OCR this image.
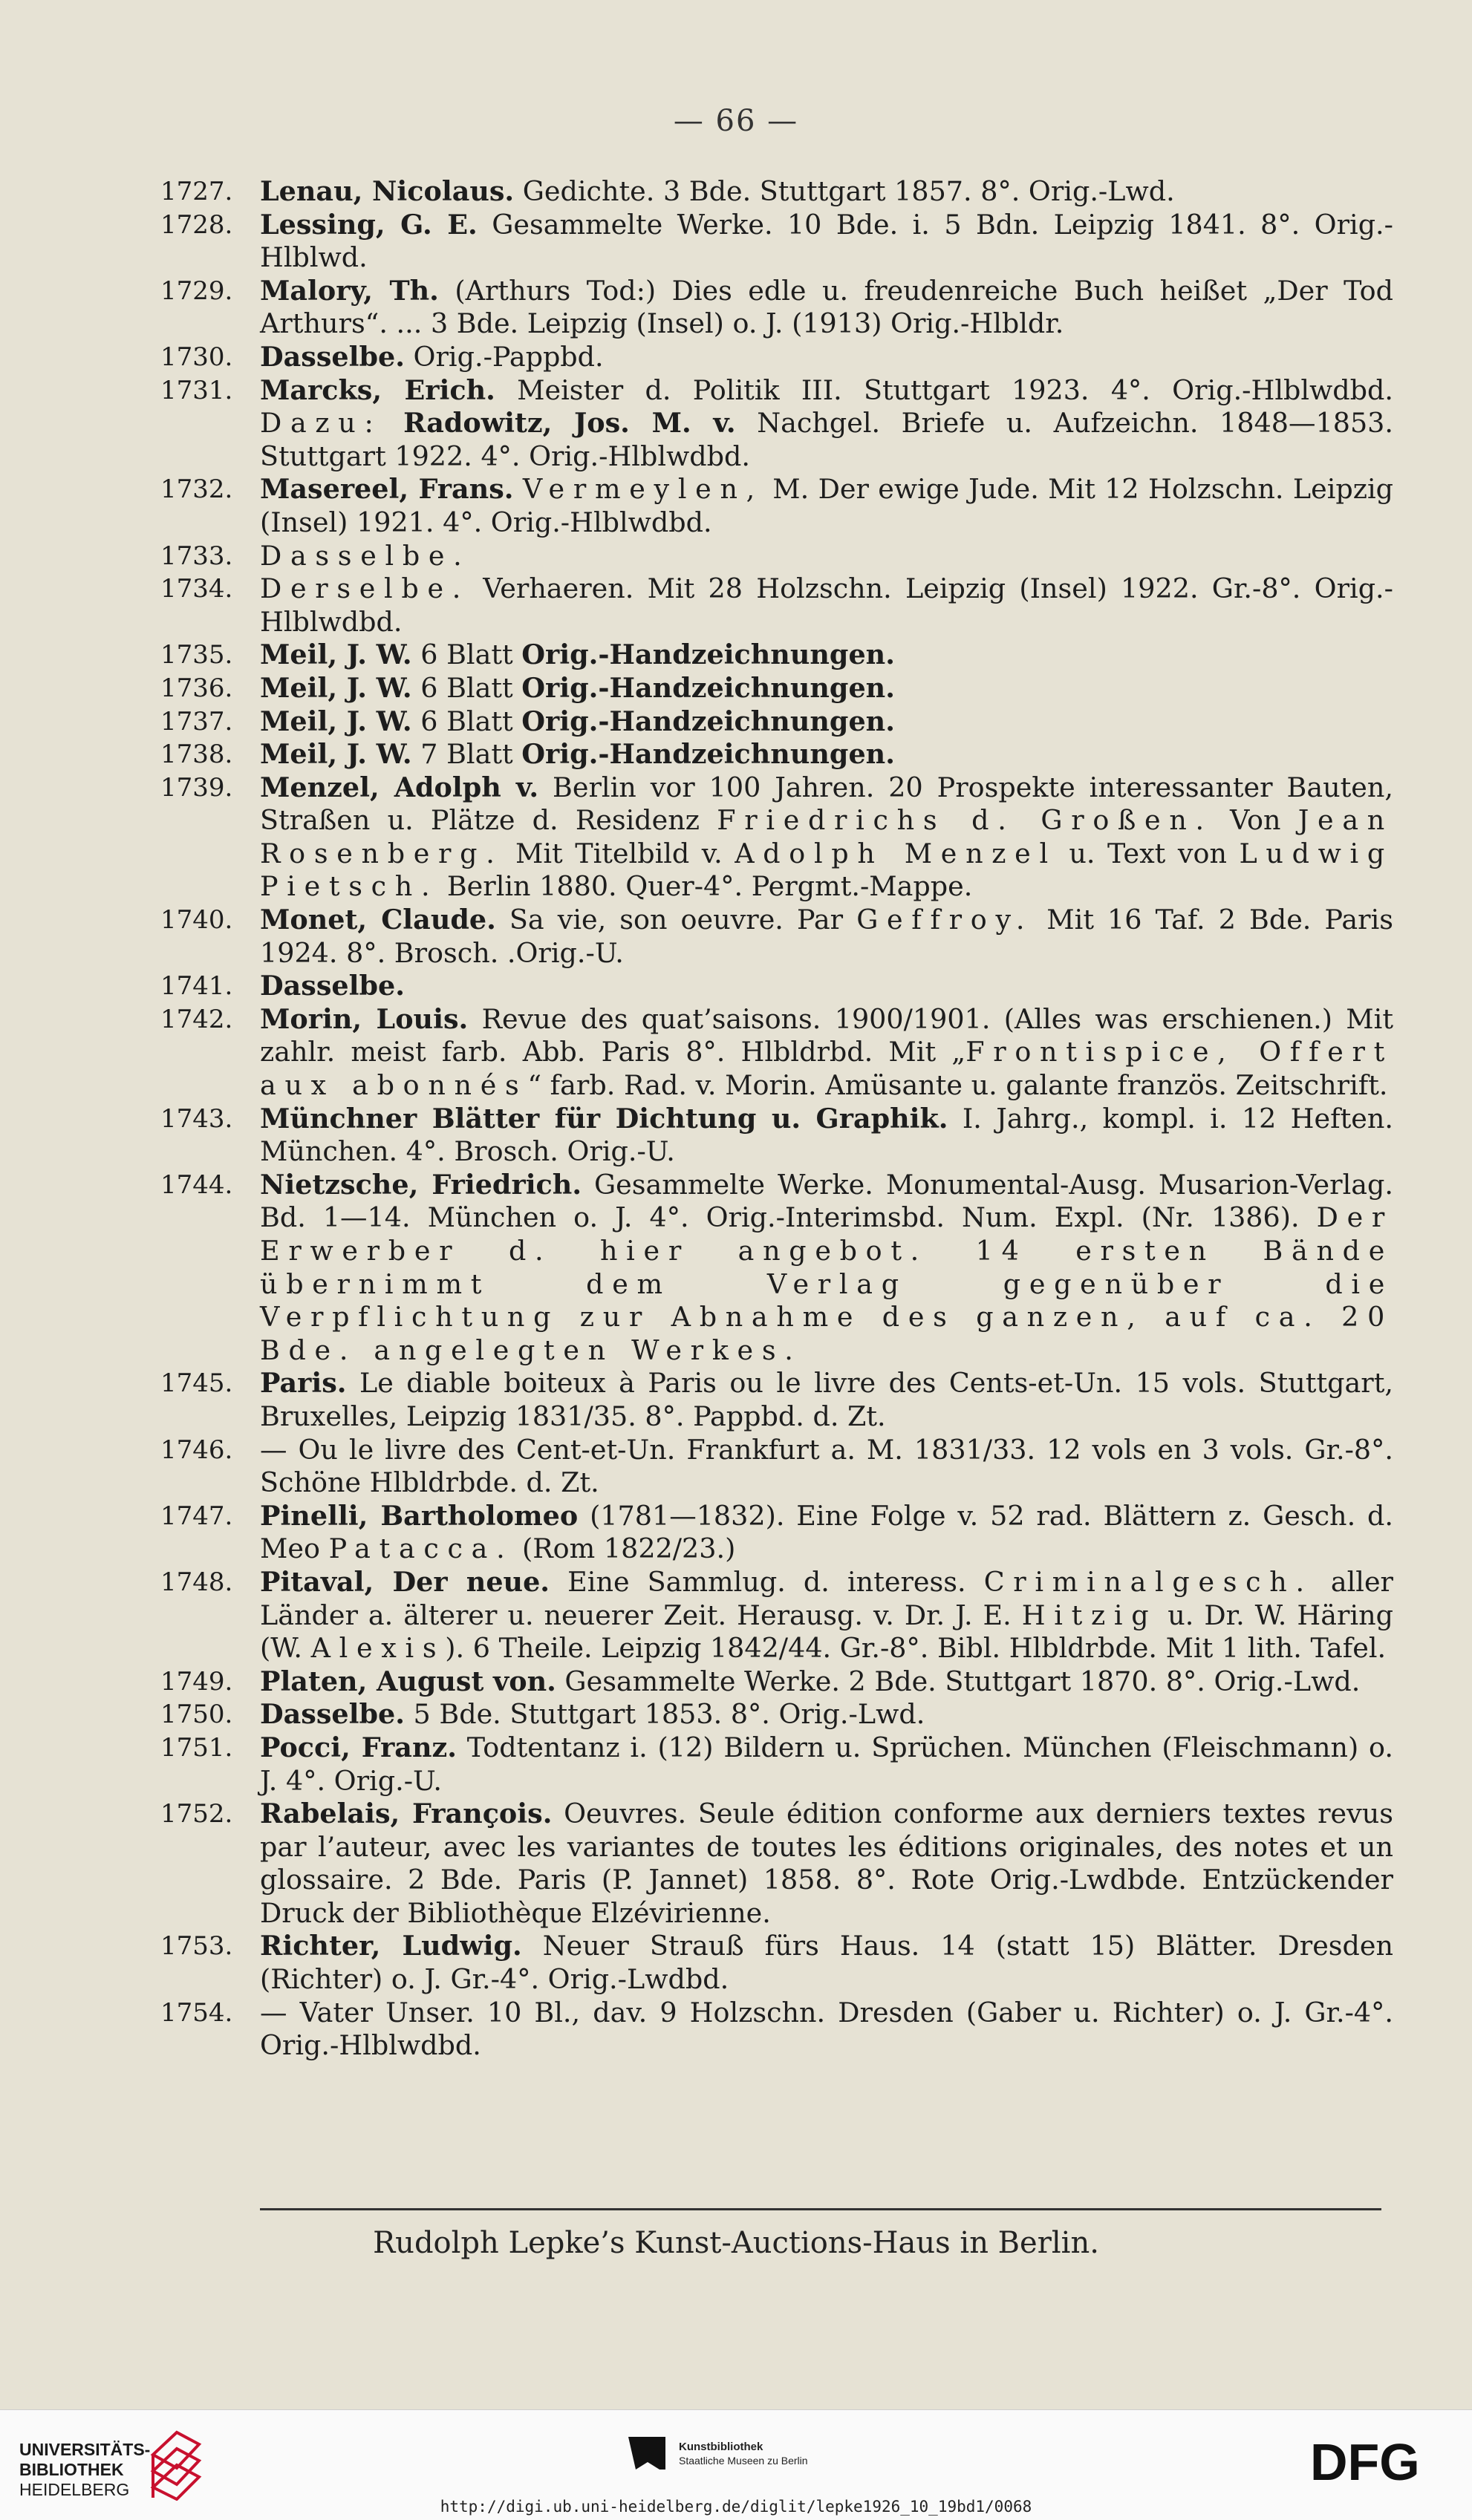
— 66 —
1727.	Lenau, Nicolaus. Gedichte. 3 Bde. Stuttgart 1857. 8°. Orig.-Lwd.
1728.	Lessing, G. E. Gesammelte Werke. 10 Bde. i. 5 Bdn. Leipzig 1841. 8°. Orig.-Hlblwd.
1729.	Malory, Th. (Arthurs Tod:) Dies edle u. freudenreiche Buch heißet „Der Tod Arthurs“. ... 3 Bde. Leipzig (Insel) o. J. (1913) Orig.-Hlbldr.
1730.	Dasselbe. Orig.-Pappbd.
1731.	Marcks, Erich. Meister d. Politik III. Stuttgart 1923. 4°. Orig.-Hlblwdbd. Dazu: Radowitz, Jos. M. v. Nachgel. Briefe u. Aufzeichn. 1848—1853. Stuttgart 1922. 4°. Orig.-Hlblwdbd.
1732.	Masereel, Frans. Vermeylen, M. Der ewige Jude. Mit 12 Holzschn. Leipzig (Insel) 1921. 4°. Orig.-Hlblwdbd.
1733.	Dasselbe.
1734.	Derselbe. Verhaeren. Mit 28 Holzschn. Leipzig (Insel) 1922. Gr.-8°. Orig.-Hlblwdbd.
1735.	Meil, J. W. 6 Blatt Orig.-Handzeichnungen.
1736.	Meil, J. W. 6 Blatt Orig.-Handzeichnungen.
1737.	Meil, J. W. 6 Blatt Orig.-Handzeichnungen.
1738.	Meil, J. W. 7 Blatt Orig.-Handzeichnungen.
1739.	Menzel, Adolph v. Berlin vor 100 Jahren. 20 Prospekte interessanter Bauten, Straßen u. Plätze d. Residenz Friedrichs d. Großen. Von Jean Rosenberg. Mit Titelbild v. Adolph Menzel u. Text von Ludwig Pietsch. Berlin 1880. Quer-4°. Pergmt.-Mappe.
1740.	Monet, Claude. Sa vie, son oeuvre. Par Geffroy. Mit 16 Taf. 2 Bde. Paris 1924. 8°. Brosch. .Orig.-U.
1741.	Dasselbe.
1742.	Morin, Louis. Revue des quat’saisons. 1900/1901. (Alles was erschienen.) Mit zahlr. meist farb. Abb. Paris 8°. Hlbldrbd. Mit „Frontispice, Offert aux abonnés“ farb. Rad. v. Morin. Amüsante u. galante französ. Zeitschrift.
1743.	Münchner Blätter für Dichtung u. Graphik. I. Jahrg., kompl. i. 12 Heften. München. 4°. Brosch. Orig.-U.
1744.	Nietzsche, Friedrich. Gesammelte Werke. Monumental-Ausg. Musarion-Verlag. Bd. 1—14. München o. J. 4°. Orig.-Interimsbd. Num. Expl. (Nr. 1386). Der Erwerber d. hier angebot. 14 ersten Bände übernimmt dem Verlag gegenüber die Verpflichtung zur Abnahme des ganzen, auf ca. 20 Bde. angelegten Werkes.
1745.	Paris. Le diable boiteux à Paris ou le livre des Cents-et-Un. 15 vols. Stuttgart, Bruxelles, Leipzig 1831/35. 8°. Pappbd. d. Zt.
1746.	— Ou le livre des Cent-et-Un. Frankfurt a. M. 1831/33. 12 vols en 3 vols. Gr.-8°. Schöne Hlbldrbde. d. Zt.
1747.	Pinelli, Bartholomeo (1781—1832). Eine Folge v. 52 rad. Blättern z. Gesch. d. Meo Patacca. (Rom 1822/23.)
1748.	Pitaval, Der neue. Eine Sammlug. d. interess. Criminalgesch. aller Länder a. älterer u. neuerer Zeit. Herausg. v. Dr. J. E. Hitzig u. Dr. W. Häring (W. Alexis). 6 Theile. Leipzig 1842/44. Gr.-8°. Bibl. Hlbldrbde. Mit 1 lith. Tafel.
1749.	Platen, August von. Gesammelte Werke. 2 Bde. Stuttgart 1870. 8°. Orig.-Lwd.
1750.	Dasselbe. 5 Bde. Stuttgart 1853. 8°. Orig.-Lwd.
1751.	Pocci, Franz. Todtentanz i. (12) Bildern u. Sprüchen. München (Fleischmann) o. J. 4°. Orig.-U.
1752.	Rabelais, François. Oeuvres. Seule édition conforme aux derniers textes revus par l’auteur, avec les variantes de toutes les éditions originales, des notes et un glossaire. 2 Bde. Paris (P. Jannet) 1858. 8°. Rote Orig.-Lwdbde. Entzückender Druck der Bibliothèque Elzévirienne.
1753.	Richter, Ludwig. Neuer Strauß fürs Haus. 14 (statt 15) Blätter. Dresden (Richter) o. J. Gr.-4°. Orig.-Lwdbd.
1754.	— Vater Unser. 10 Bl., dav. 9 Holzschn. Dresden (Gaber u. Richter) o. J. Gr.-4°. Orig.-Hlblwdbd.
Rudolph Lepke’s Kunst-Auctions-Haus in Berlin.
UNIVERSITÄTS-
BIBLIOTHEK
HEIDELBERG
Kunstbibliothek
Staatliche Museen zu Berlin	DFG
http://digi.ub.uni-heidelberg.de/diglit/lepke1926_10_19bd1/0068
